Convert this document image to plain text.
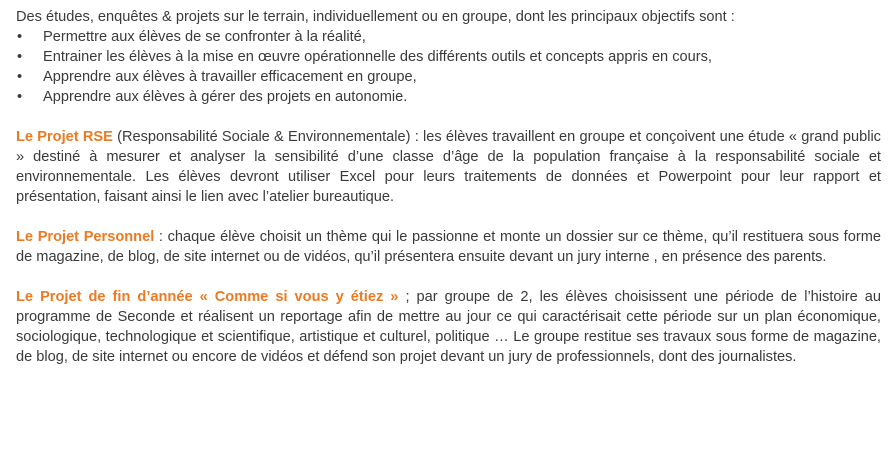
Des études, enquêtes & projets sur le terrain, individuellement ou en groupe, dont les principaux objectifs sont :

• Permettre aux élèves de se confronter à la réalité,
• Entrainer les élèves à la mise en œuvre opérationnelle des différents outils et concepts appris en cours,
• Apprendre aux élèves à travailler efficacement en groupe,
• Apprendre aux élèves à gérer des projets en autonomie.

Le Projet RSE (Responsabilité Sociale & Environnementale) : les élèves travaillent en groupe et conçoivent une étude « grand public » destiné à mesurer et analyser la sensibilité d’une classe d’âge de la population française à la responsabilité sociale et environnementale. Les élèves devront utiliser Excel pour leurs traitements de données et Powerpoint pour leur rapport et présentation, faisant ainsi le lien avec l’atelier bureautique.

Le Projet Personnel : chaque élève choisit un thème qui le passionne et monte un dossier sur ce thème, qu’il restituera sous forme de magazine, de blog, de site internet ou de vidéos, qu’il présentera ensuite devant un jury interne , en présence des parents.

Le Projet de fin d’année « Comme si vous y étiez » ; par groupe de 2, les élèves choisissent une période de l’histoire au programme de Seconde et réalisent un reportage afin de mettre au jour ce qui caractérisait cette période sur un plan économique, sociologique, technologique et scientifique, artistique et culturel, politique … Le groupe restitue ses travaux sous forme de magazine, de blog, de site internet ou encore de vidéos et défend son projet devant un jury de professionnels, dont des journalistes.
